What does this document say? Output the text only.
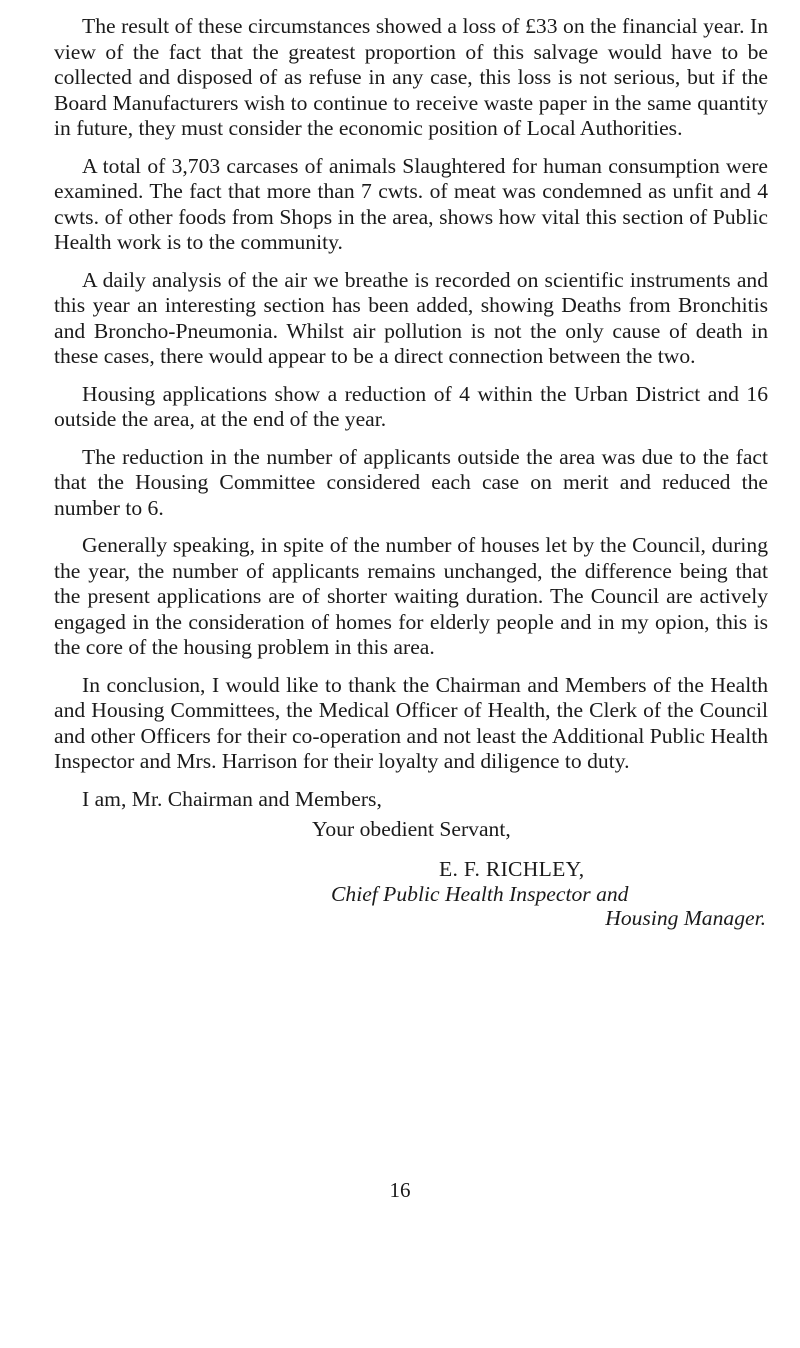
The result of these circumstances showed a loss of £33 on the financial year. In view of the fact that the greatest proportion of this salvage would have to be collected and disposed of as refuse in any case, this loss is not serious, but if the Board Manufacturers wish to continue to receive waste paper in the same quantity in future, they must consider the economic position of Local Authorities.

A total of 3,703 carcases of animals Slaughtered for human consumption were examined. The fact that more than 7 cwts. of meat was condemned as unfit and 4 cwts. of other foods from Shops in the area, shows how vital this section of Public Health work is to the community.

A daily analysis of the air we breathe is recorded on scientific instruments and this year an interesting section has been added, showing Deaths from Bronchitis and Broncho-Pneumonia. Whilst air pollution is not the only cause of death in these cases, there would appear to be a direct connection between the two.

Housing applications show a reduction of 4 within the Urban District and 16 outside the area, at the end of the year.

The reduction in the number of applicants outside the area was due to the fact that the Housing Committee considered each case on merit and reduced the number to 6.

Generally speaking, in spite of the number of houses let by the Council, during the year, the number of applicants remains unchanged, the difference being that the present applications are of shorter waiting duration. The Council are actively engaged in the consideration of homes for elderly people and in my opion, this is the core of the housing problem in this area.

In conclusion, I would like to thank the Chairman and Members of the Health and Housing Committees, the Medical Officer of Health, the Clerk of the Council and other Officers for their co-operation and not least the Additional Public Health Inspector and Mrs. Harrison for their loyalty and diligence to duty.

I am, Mr. Chairman and Members,

Your obedient Servant,

E. F. RICHLEY,

Chief Public Health Inspector and

Housing Manager.

16
